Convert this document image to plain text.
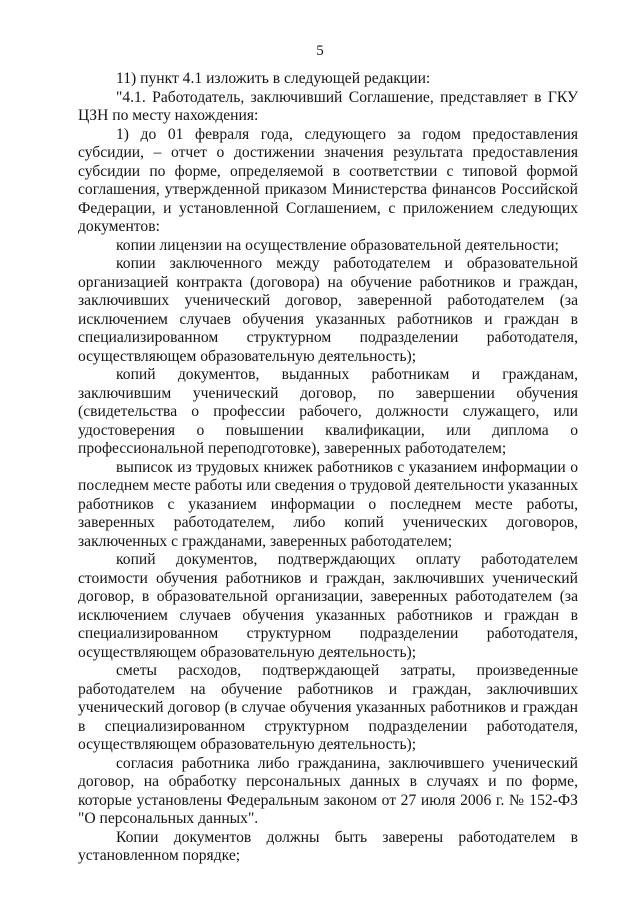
5

11) пункт 4.1 изложить в следующей редакции:

"4.1. Работодатель, заключивший Соглашение, представляет в ГКУ ЦЗН по месту нахождения:

1) до 01 февраля года, следующего за годом предоставления субсидии, – отчет о достижении значения результата предоставления субсидии по форме, определяемой в соответствии с типовой формой соглашения, утвержденной приказом Министерства финансов Российской Федерации, и установленной Соглашением, с приложением следующих документов:

копии лицензии на осуществление образовательной деятельности;

копии заключенного между работодателем и образовательной организацией контракта (договора) на обучение работников и граждан, заключивших ученический договор, заверенной работодателем (за исключением случаев обучения указанных работников и граждан в специализированном структурном подразделении работодателя, осуществляющем образовательную деятельность);

копий документов, выданных работникам и гражданам, заключившим ученический договор, по завершении обучения (свидетельства о профессии рабочего, должности служащего, или удостоверения о повышении квалификации, или диплома о профессиональной переподготовке), заверенных работодателем;

выписок из трудовых книжек работников с указанием информации о последнем месте работы или сведения о трудовой деятельности указанных работников с указанием информации о последнем месте работы, заверенных работодателем, либо копий ученических договоров, заключенных с гражданами, заверенных работодателем;

копий документов, подтверждающих оплату работодателем стоимости обучения работников и граждан, заключивших ученический договор, в образовательной организации, заверенных работодателем (за исключением случаев обучения указанных работников и граждан в специализированном структурном подразделении работодателя, осуществляющем образовательную деятельность);

сметы расходов, подтверждающей затраты, произведенные работодателем на обучение работников и граждан, заключивших ученический договор (в случае обучения указанных работников и граждан в специализированном структурном подразделении работодателя, осуществляющем образовательную деятельность);

согласия работника либо гражданина, заключившего ученический договор, на обработку персональных данных в случаях и по форме, которые установлены Федеральным законом от 27 июля 2006 г. № 152-ФЗ "О персональных данных".

Копии документов должны быть заверены работодателем в установленном порядке;
